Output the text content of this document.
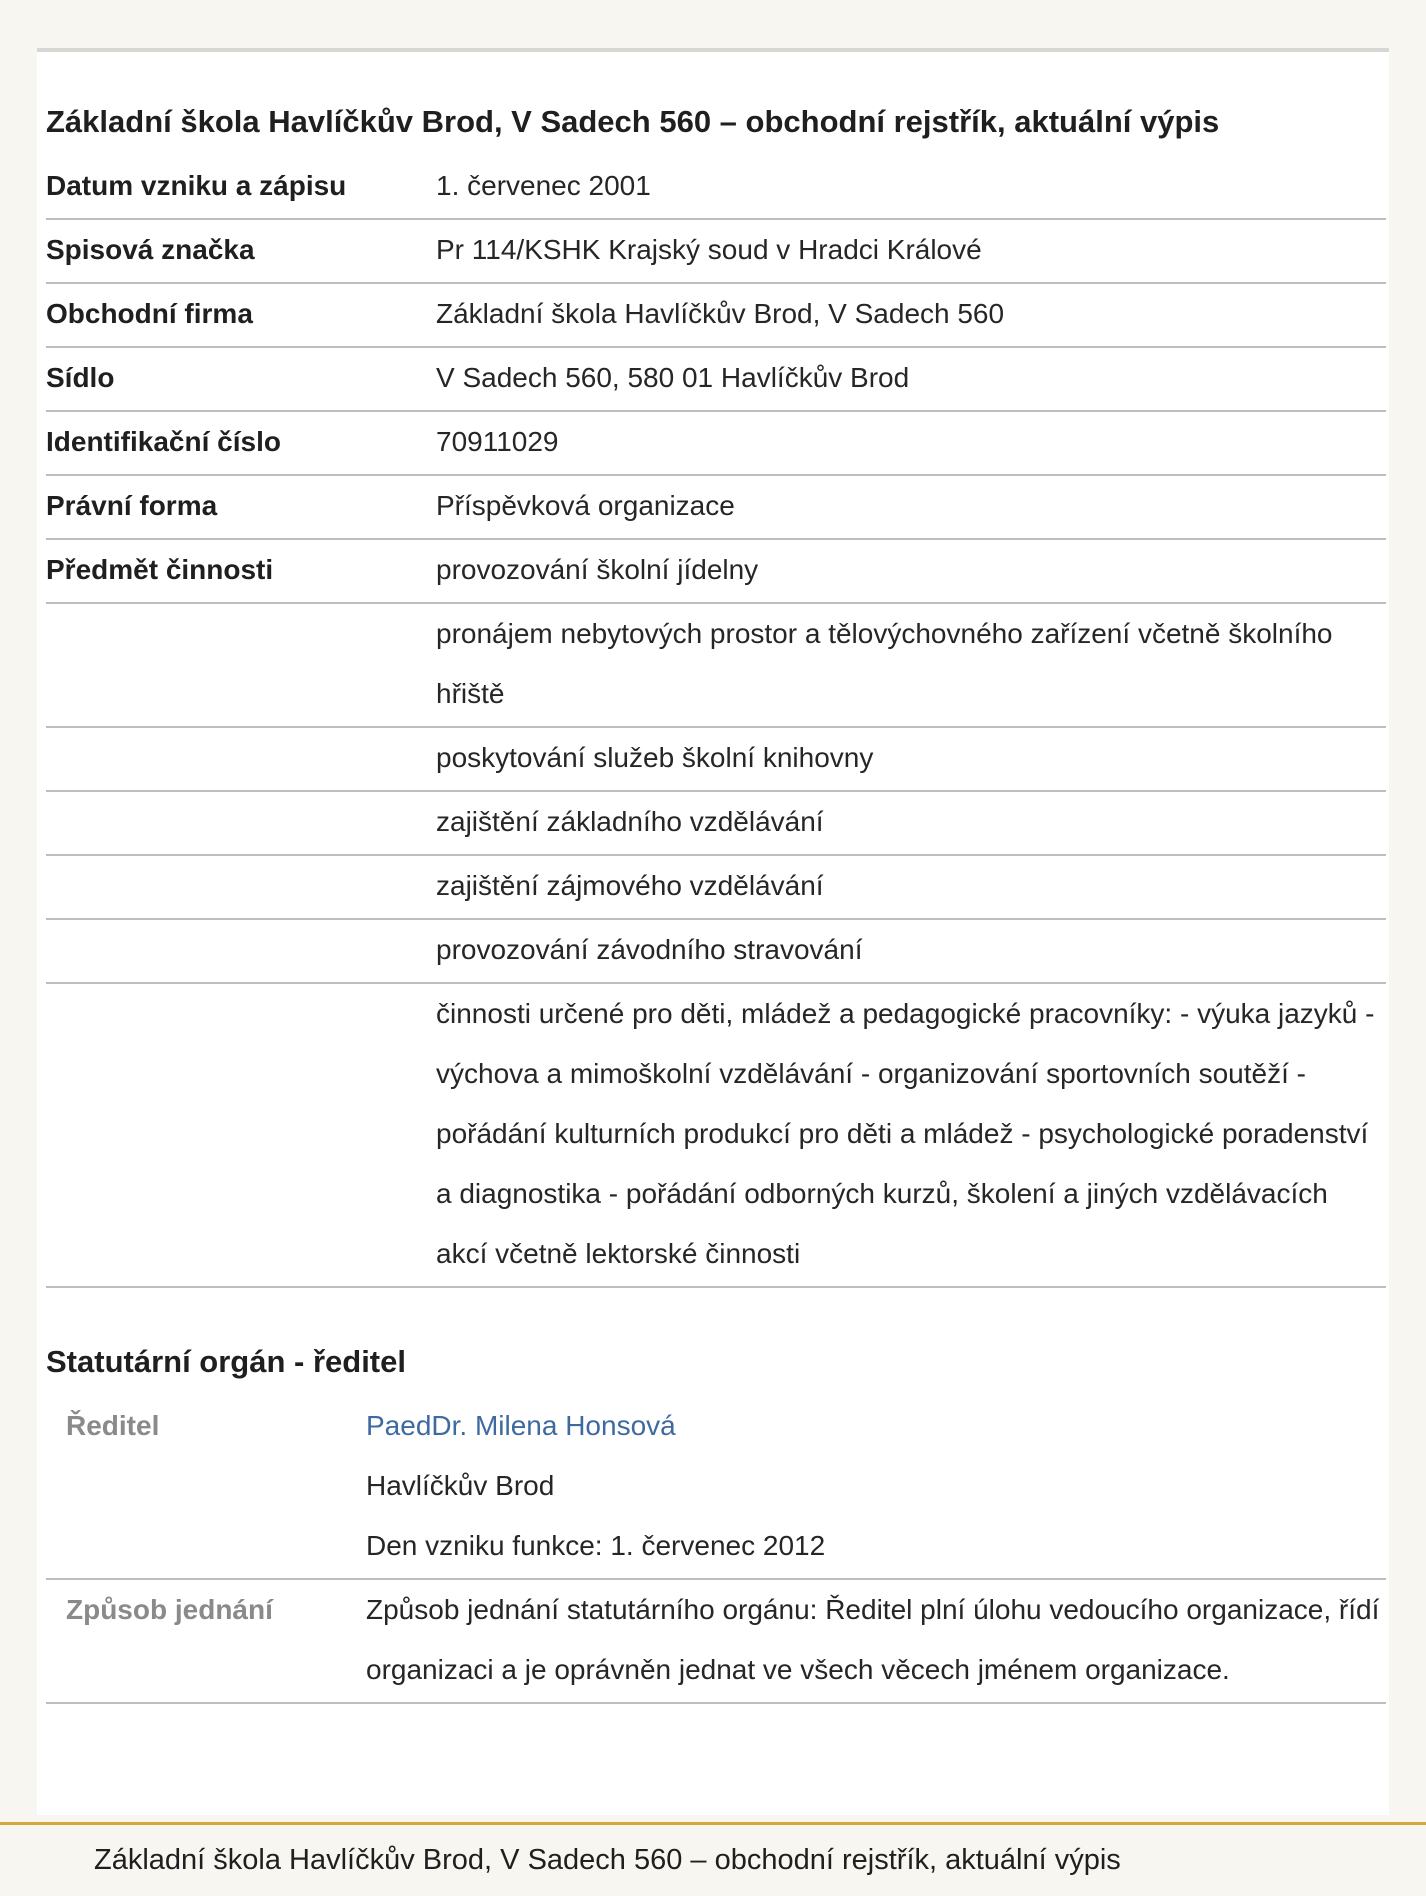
Základní škola Havlíčkův Brod, V Sadech 560 – obchodní rejstřík, aktuální výpis
Datum vzniku a zápisu	1. červenec 2001
Spisová značka	Pr 114/KSHK Krajský soud v Hradci Králové
Obchodní firma	Základní škola Havlíčkův Brod, V Sadech 560
Sídlo	V Sadech 560, 580 01 Havlíčkův Brod
Identifikační číslo	70911029
Právní forma	Příspěvková organizace
Předmět činnosti	provozování školní jídelny
	pronájem nebytových prostor a tělovýchovného zařízení včetně školního hřiště
	poskytování služeb školní knihovny
	zajištění základního vzdělávání
	zajištění zájmového vzdělávání
	provozování závodního stravování
	činnosti určené pro děti, mládež a pedagogické pracovníky: - výuka jazyků - výchova a mimoškolní vzdělávání - organizování sportovních soutěží - pořádání kulturních produkcí pro děti a mládež - psychologické poradenství a diagnostika - pořádání odborných kurzů, školení a jiných vzdělávacích akcí včetně lektorské činnosti
Statutární orgán - ředitel
Ředitel	PaedDr. Milena Honsová
Havlíčkův Brod
Den vzniku funkce: 1. červenec 2012

Způsob jednání	Způsob jednání statutárního orgánu: Ředitel plní úlohu vedoucího organizace, řídí organizaci a je oprávněn jednat ve všech věcech jménem organizace.
Základní škola Havlíčkův Brod, V Sadech 560 – obchodní rejstřík, aktuální výpis
